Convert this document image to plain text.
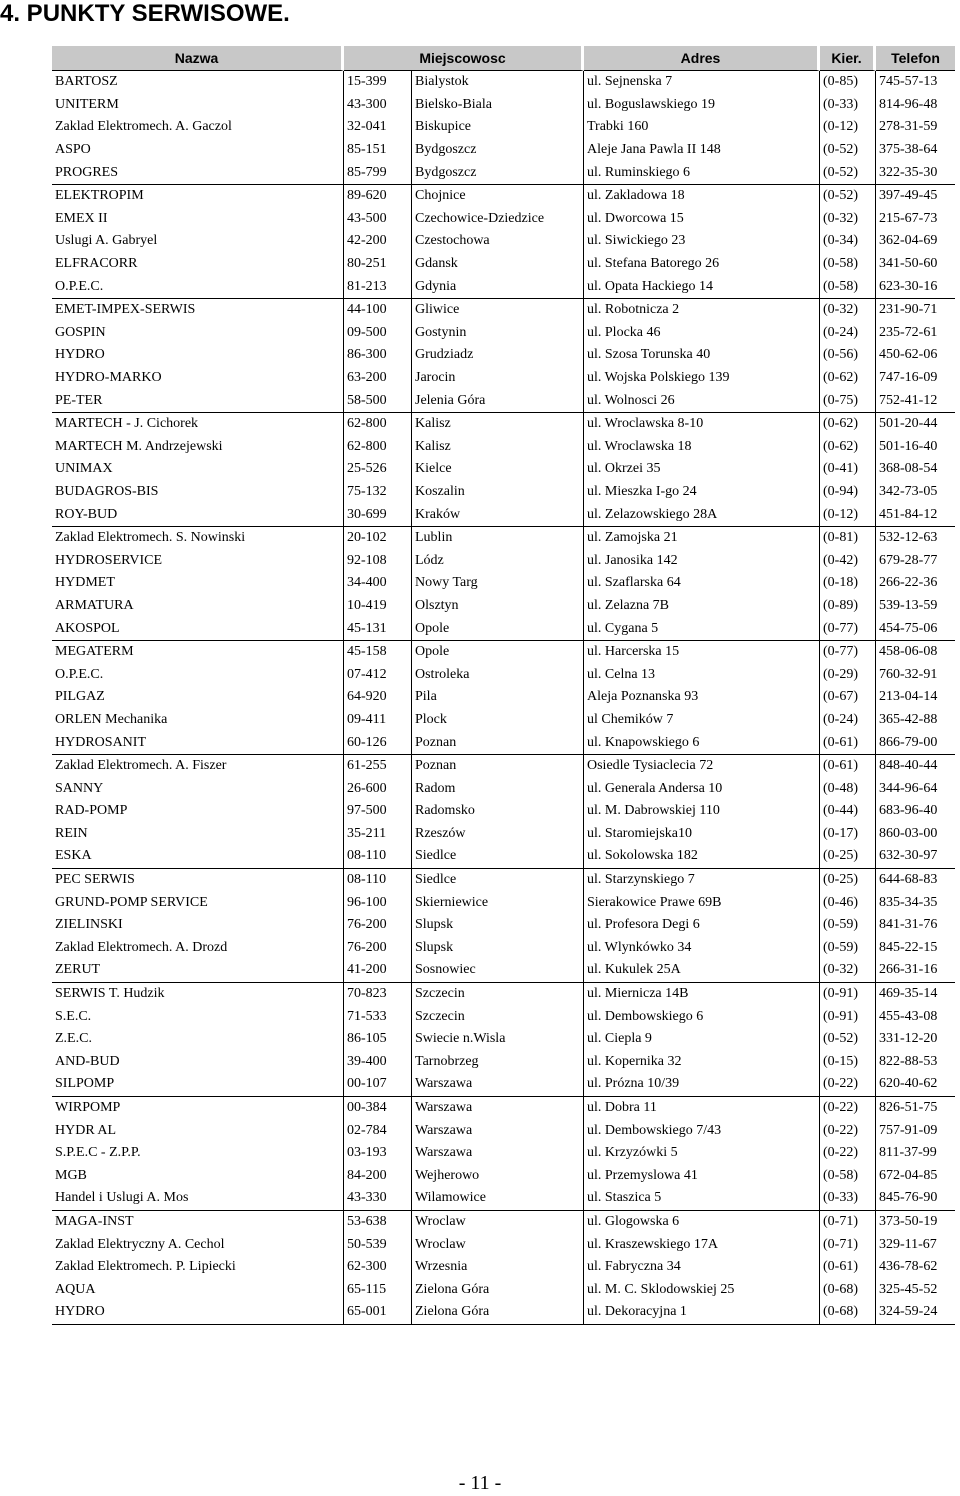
4. PUNKTY SERWISOWE.
Nazwa	Miejscowosc		Adres	Kier.	Telefon
BARTOSZ	15-399	Bialystok	ul. Sejnenska 7	(0-85)	745-57-13
UNITERM	43-300	Bielsko-Biala	ul. Boguslawskiego 19	(0-33)	814-96-48
Zaklad Elektromech. A. Gaczol	32-041	Biskupice	Trabki 160	(0-12)	278-31-59
ASPO	85-151	Bydgoszcz	Aleje Jana Pawla II 148	(0-52)	375-38-64
PROGRES	85-799	Bydgoszcz	ul. Ruminskiego 6	(0-52)	322-35-30
ELEKTROPIM	89-620	Chojnice	ul. Zakladowa 18	(0-52)	397-49-45
EMEX II	43-500	Czechowice-Dziedzice	ul. Dworcowa 15	(0-32)	215-67-73
Uslugi A. Gabryel	42-200	Czestochowa	ul. Siwickiego 23	(0-34)	362-04-69
ELFRACORR	80-251	Gdansk	ul. Stefana Batorego 26	(0-58)	341-50-60
O.P.E.C.	81-213	Gdynia	ul. Opata Hackiego 14	(0-58)	623-30-16
EMET-IMPEX-SERWIS	44-100	Gliwice	ul. Robotnicza 2	(0-32)	231-90-71
GOSPIN	09-500	Gostynin	ul. Plocka 46	(0-24)	235-72-61
HYDRO	86-300	Grudziadz	ul. Szosa Torunska 40	(0-56)	450-62-06
HYDRO-MARKO	63-200	Jarocin	ul. Wojska Polskiego 139	(0-62)	747-16-09
PE-TER	58-500	Jelenia Góra	ul. Wolnosci 26	(0-75)	752-41-12
MARTECH - J. Cichorek	62-800	Kalisz	ul. Wroclawska 8-10	(0-62)	501-20-44
MARTECH M. Andrzejewski	62-800	Kalisz	ul. Wroclawska 18	(0-62)	501-16-40
UNIMAX	25-526	Kielce	ul. Okrzei 35	(0-41)	368-08-54
BUDAGROS-BIS	75-132	Koszalin	ul. Mieszka I-go 24	(0-94)	342-73-05
ROY-BUD	30-699	Kraków	ul. Zelazowskiego 28A	(0-12)	451-84-12
Zaklad Elektromech. S. Nowinski	20-102	Lublin	ul. Zamojska 21	(0-81)	532-12-63
HYDROSERVICE	92-108	Lódz	ul. Janosika 142	(0-42)	679-28-77
HYDMET	34-400	Nowy Targ	ul. Szaflarska 64	(0-18)	266-22-36
ARMATURA	10-419	Olsztyn	ul. Zelazna 7B	(0-89)	539-13-59
AKOSPOL	45-131	Opole	ul. Cygana 5	(0-77)	454-75-06
MEGATERM	45-158	Opole	ul. Harcerska 15	(0-77)	458-06-08
O.P.E.C.	07-412	Ostroleka	ul. Celna 13	(0-29)	760-32-91
PILGAZ	64-920	Pila	Aleja Poznanska 93	(0-67)	213-04-14
ORLEN Mechanika	09-411	Plock	ul Chemików 7	(0-24)	365-42-88
HYDROSANIT	60-126	Poznan	ul. Knapowskiego 6	(0-61)	866-79-00
Zaklad Elektromech. A. Fiszer	61-255	Poznan	Osiedle Tysiaclecia 72	(0-61)	848-40-44
SANNY	26-600	Radom	ul. Generala Andersa 10	(0-48)	344-96-64
RAD-POMP	97-500	Radomsko	ul. M. Dabrowskiej 110	(0-44)	683-96-40
REIN	35-211	Rzeszów	ul. Staromiejska10	(0-17)	860-03-00
ESKA	08-110	Siedlce	ul. Sokolowska 182	(0-25)	632-30-97
PEC SERWIS	08-110	Siedlce	ul. Starzynskiego 7	(0-25)	644-68-83
GRUND-POMP SERVICE	96-100	Skierniewice	Sierakowice Prawe 69B	(0-46)	835-34-35
ZIELINSKI	76-200	Slupsk	ul. Profesora Degi 6	(0-59)	841-31-76
Zaklad Elektromech. A. Drozd	76-200	Slupsk	ul. Wlynkówko 34	(0-59)	845-22-15
ZERUT	41-200	Sosnowiec	ul. Kukulek 25A	(0-32)	266-31-16
SERWIS T. Hudzik	70-823	Szczecin	ul. Miernicza 14B	(0-91)	469-35-14
S.E.C.	71-533	Szczecin	ul. Dembowskiego 6	(0-91)	455-43-08
Z.E.C.	86-105	Swiecie n.Wisla	ul. Ciepla 9	(0-52)	331-12-20
AND-BUD	39-400	Tarnobrzeg	ul. Kopernika 32	(0-15)	822-88-53
SILPOMP	00-107	Warszawa	ul. Prózna 10/39	(0-22)	620-40-62
WIRPOMP	00-384	Warszawa	ul. Dobra 11	(0-22)	826-51-75
HYDR AL	02-784	Warszawa	ul. Dembowskiego 7/43	(0-22)	757-91-09
S.P.E.C - Z.P.P.	03-193	Warszawa	ul. Krzyzówki 5	(0-22)	811-37-99
MGB	84-200	Wejherowo	ul. Przemyslowa 41	(0-58)	672-04-85
Handel i Uslugi A. Mos	43-330	Wilamowice	ul. Staszica 5	(0-33)	845-76-90
MAGA-INST	53-638	Wroclaw	ul. Glogowska 6	(0-71)	373-50-19
Zaklad Elektryczny A. Cechol	50-539	Wroclaw	ul. Kraszewskiego 17A	(0-71)	329-11-67
Zaklad Elektromech. P. Lipiecki	62-300	Wrzesnia	ul. Fabryczna 34	(0-61)	436-78-62
AQUA	65-115	Zielona Góra	ul. M. C. Sklodowskiej 25	(0-68)	325-45-52
HYDRO	65-001	Zielona Góra	ul. Dekoracyjna 1	(0-68)	324-59-24
- 11 -
